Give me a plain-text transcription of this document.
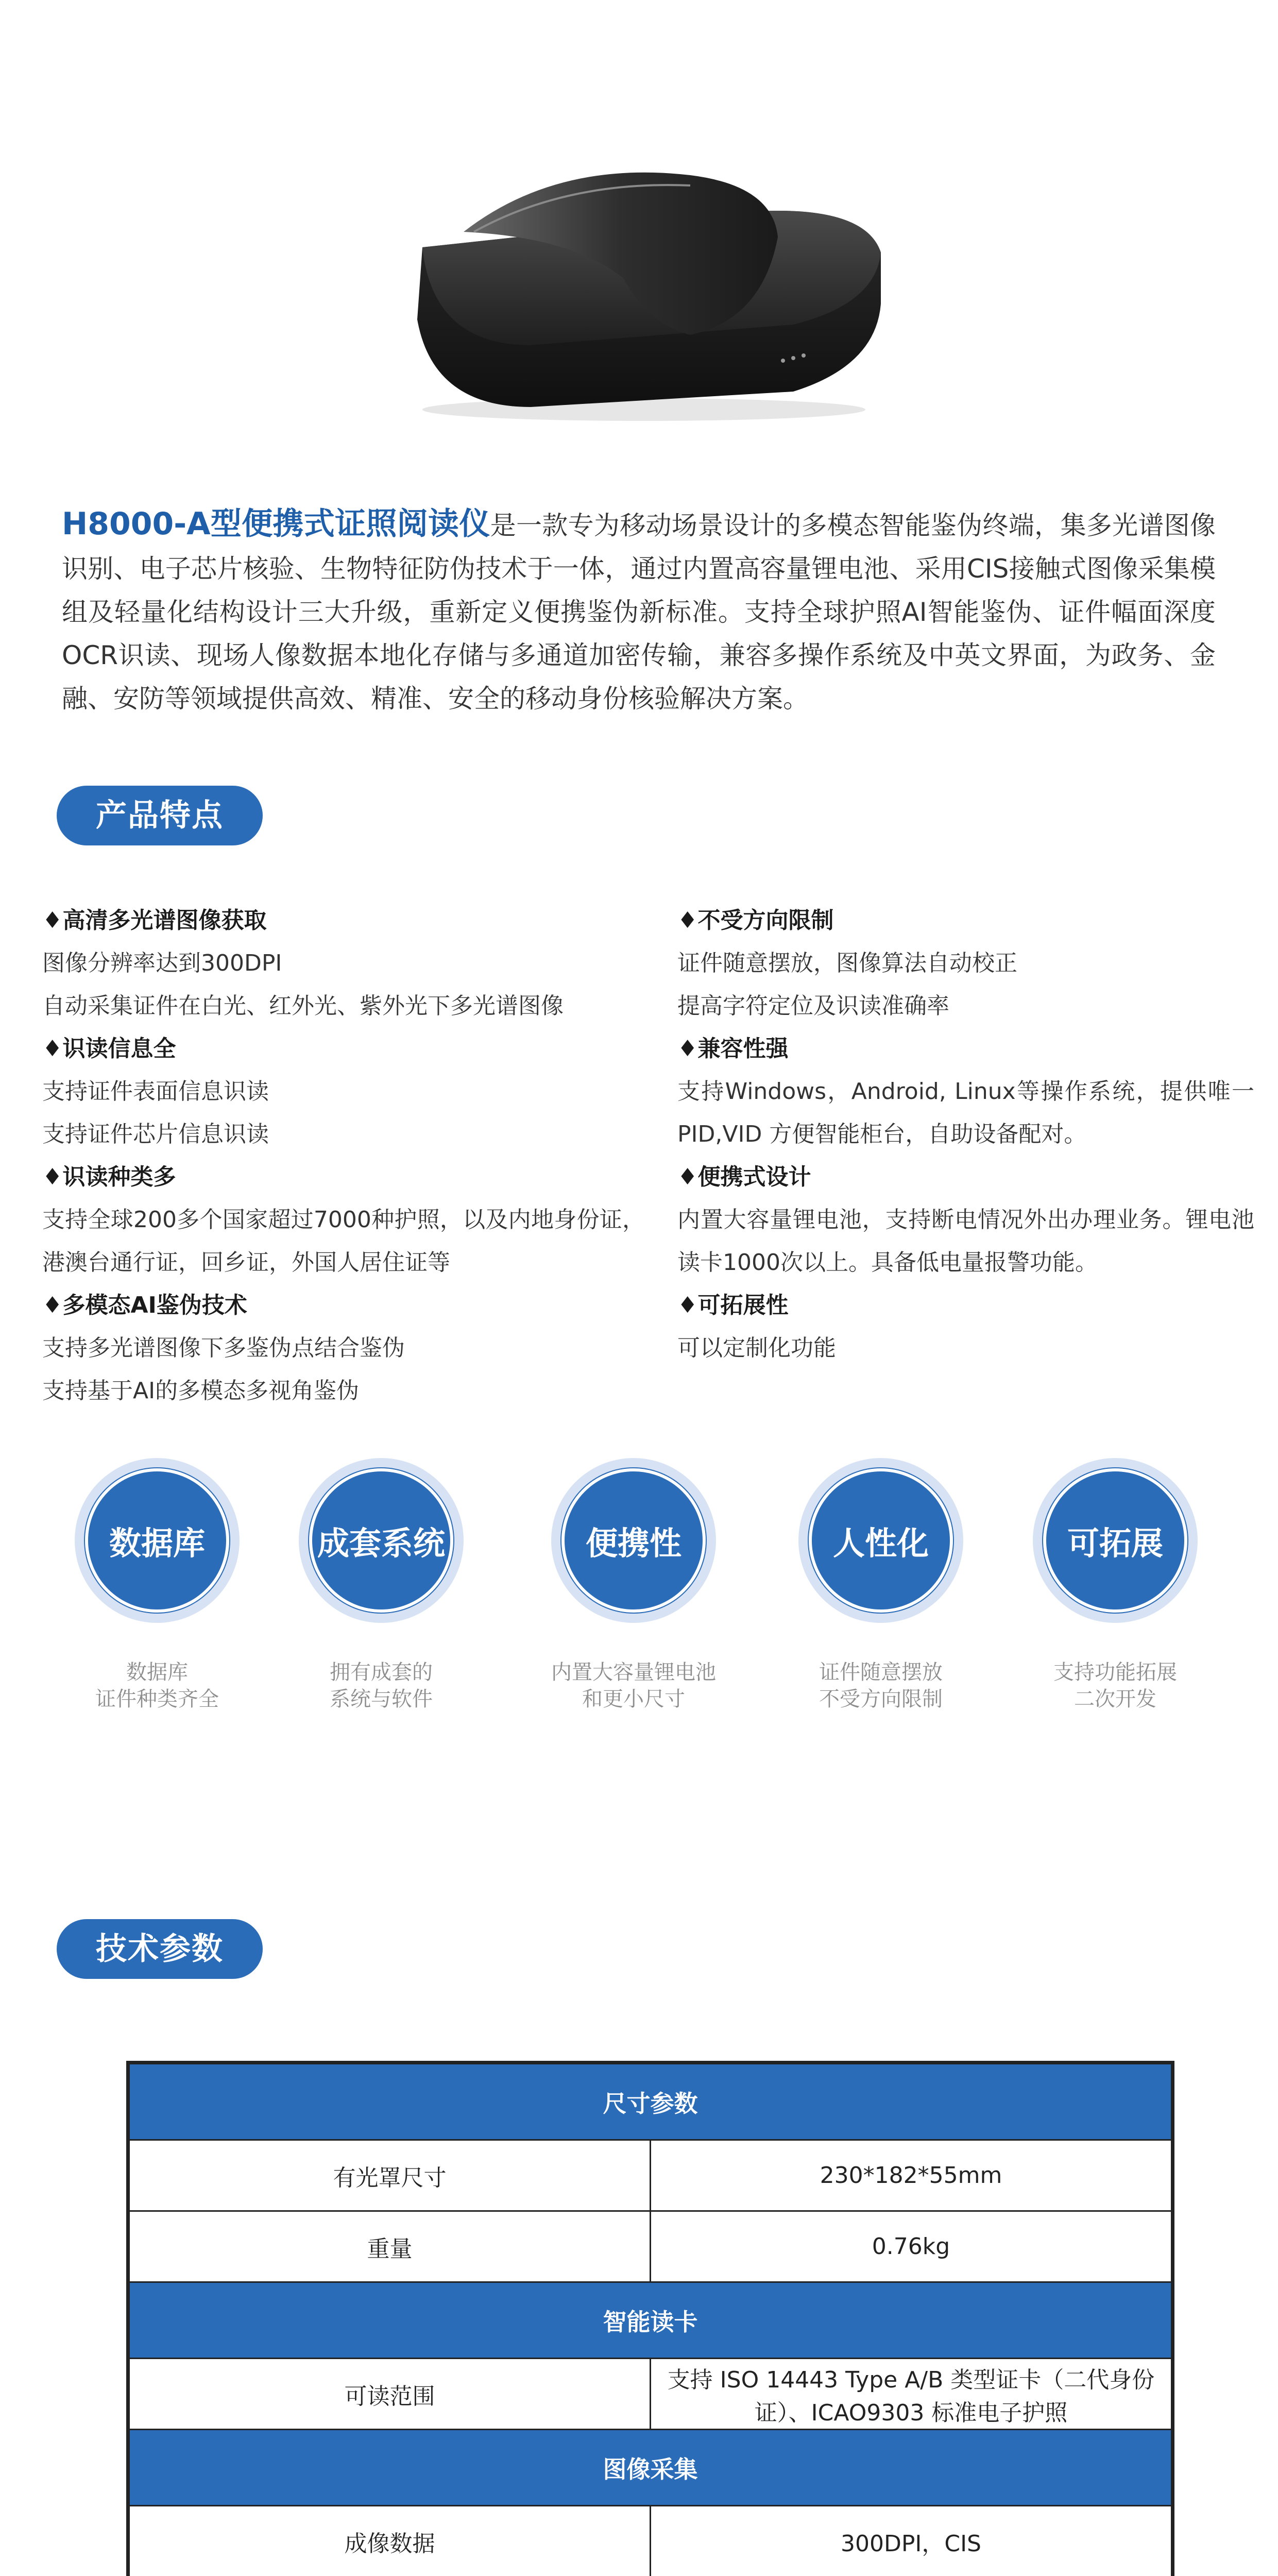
H8000-A型便携式证照阅读仪是一款专为移动场景设计的多模态智能鉴伪终端，集多光谱图像识别、电子芯片核验、生物特征防伪技术于一体，通过内置高容量锂电池、采用CIS接触式图像采集模组及轻量化结构设计三大升级，重新定义便携鉴伪新标准。支持全球护照AI智能鉴伪、证件幅面深度OCR识读、现场人像数据本地化存储与多通道加密传输，兼容多操作系统及中英文界面，为政务、金融、安防等领域提供高效、精准、安全的移动身份核验解决方案。
产品特点
♦高清多光谱图像获取
图像分辨率达到300DPI
自动采集证件在白光、红外光、紫外光下多光谱图像
♦识读信息全
支持证件表面信息识读
支持证件芯片信息识读
♦识读种类多
支持全球200多个国家超过7000种护照，以及内地身份证，港澳台通行证，回乡证，外国人居住证等
♦多模态AI鉴伪技术
支持多光谱图像下多鉴伪点结合鉴伪
支持基于AI的多模态多视角鉴伪
♦不受方向限制
证件随意摆放，图像算法自动校正
提高字符定位及识读准确率
♦兼容性强
支持Windows，Android, Linux等操作系统，提供唯一PID,VID 方便智能柜台，自助设备配对。
♦便携式设计
内置大容量锂电池，支持断电情况外出办理业务。锂电池读卡1000次以上。具备低电量报警功能。
♦可拓展性
可以定制化功能
数据库
数据库
证件种类齐全
成套系统
拥有成套的
系统与软件
便携性
内置大容量锂电池
和更小尺寸
人性化
证件随意摆放
不受方向限制
可拓展
支持功能拓展
二次开发
技术参数
尺寸参数	
有光罩尺寸	230*182*55mm
重量	0.76kg
智能读卡	
可读范围	支持 ISO 14443 Type A/B 类型证卡（二代身份证）、ICAO9303 标准电子护照
图像采集	
成像数据	300DPI，CIS
